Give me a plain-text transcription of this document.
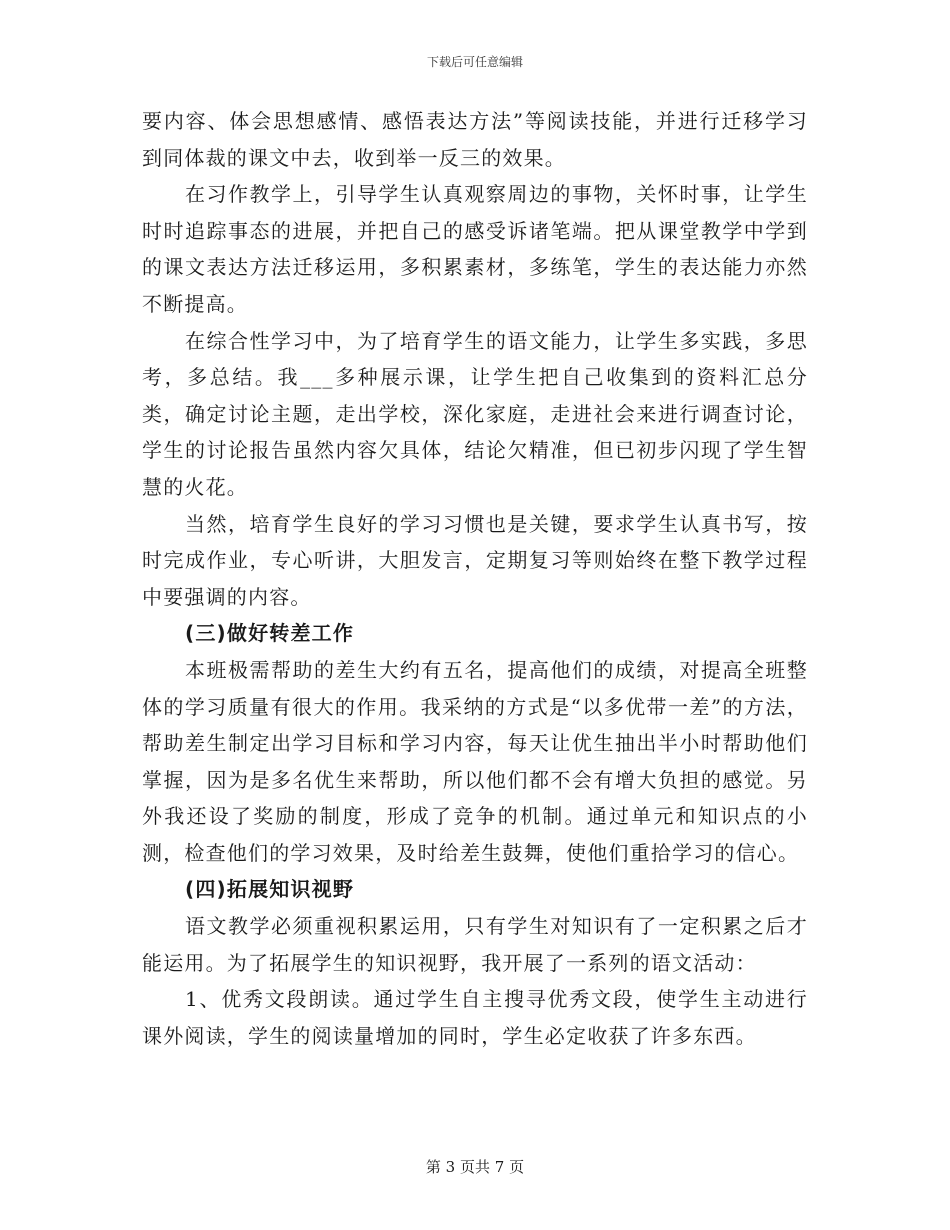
下载后可任意编辑

要内容、体会思想感情、感悟表达方法”等阅读技能，并进行迁移学习到同体裁的课文中去，收到举一反三的效果。

在习作教学上，引导学生认真观察周边的事物，关怀时事，让学生时时追踪事态的进展，并把自己的感受诉诸笔端。把从课堂教学中学到的课文表达方法迁移运用，多积累素材，多练笔，学生的表达能力亦然不断提高。

在综合性学习中，为了培育学生的语文能力，让学生多实践，多思考，多总结。我___多种展示课，让学生把自己收集到的资料汇总分类，确定讨论主题，走出学校，深化家庭，走进社会来进行调查讨论，学生的讨论报告虽然内容欠具体，结论欠精准，但已初步闪现了学生智慧的火花。

当然，培育学生良好的学习习惯也是关键，要求学生认真书写，按时完成作业，专心听讲，大胆发言，定期复习等则始终在整下教学过程中要强调的内容。

(三)做好转差工作

本班极需帮助的差生大约有五名，提高他们的成绩，对提高全班整体的学习质量有很大的作用。我采纳的方式是“以多优带一差”的方法，帮助差生制定出学习目标和学习内容，每天让优生抽出半小时帮助他们掌握，因为是多名优生来帮助，所以他们都不会有增大负担的感觉。另外我还设了奖励的制度，形成了竞争的机制。通过单元和知识点的小测，检查他们的学习效果，及时给差生鼓舞，使他们重拾学习的信心。

(四)拓展知识视野

语文教学必须重视积累运用，只有学生对知识有了一定积累之后才能运用。为了拓展学生的知识视野，我开展了一系列的语文活动：

1、优秀文段朗读。通过学生自主搜寻优秀文段，使学生主动进行课外阅读，学生的阅读量增加的同时，学生必定收获了许多东西。

第 3 页共 7 页
